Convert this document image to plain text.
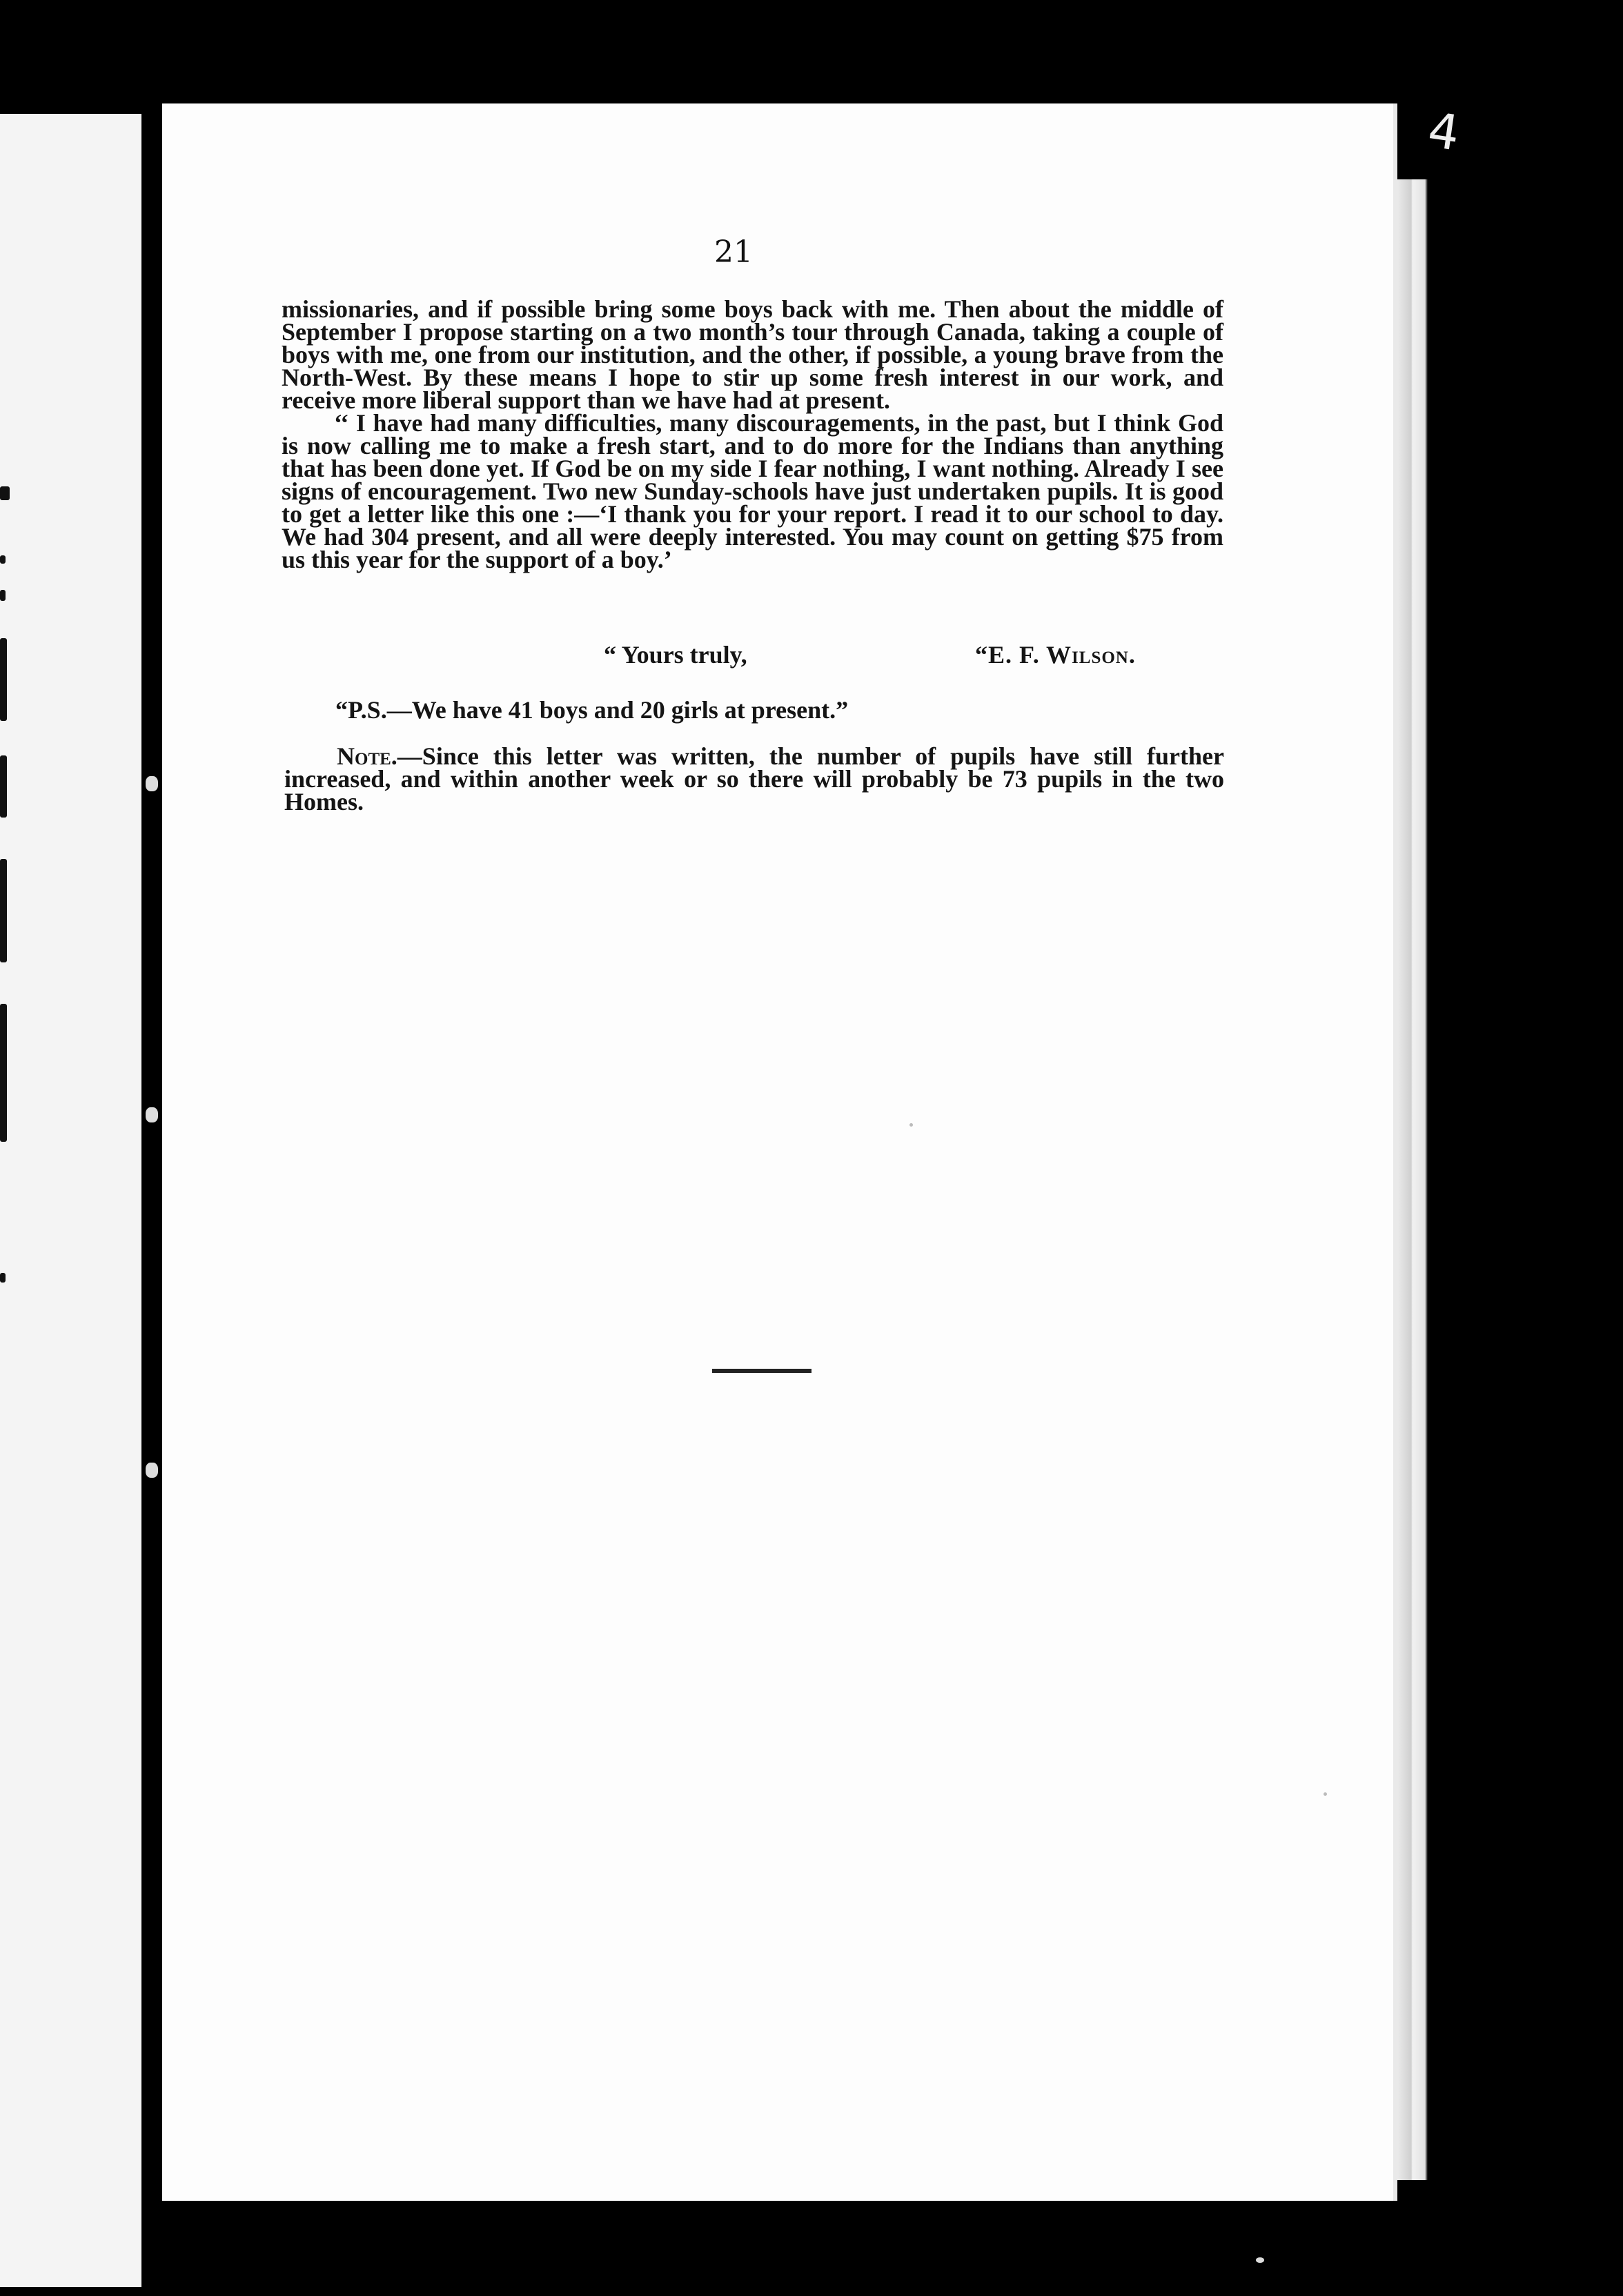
4
21

missionaries, and if possible bring some boys back with me. Then about the middle of September I propose starting on a two month’s tour through Canada, taking a couple of boys with me, one from our institution, and the other, if possible, a young brave from the North-West. By these means I hope to stir up some fresh interest in our work, and receive more liberal support than we have had at present.

‘‘ I have had many difficulties, many discouragements, in the past, but I think God is now calling me to make a fresh start, and to do more for the Indians than anything that has been done yet. If God be on my side I fear nothing, I want nothing. Already I see signs of encouragement. Two new Sunday-schools have just undertaken pupils. It is good to get a letter like this one :—‘I thank you for your report. I read it to our school to day. We had 304 present, and all were deeply interested. You may count on getting $75 from us this year for the support of a boy.’

“ Yours truly,	“E. F. Wilson.
“P.S.—We have 41 boys and 20 girls at present.”
Note.—Since this letter was written, the number of pupils have still further increased, and within another week or so there will probably be 73 pupils in the two Homes.
